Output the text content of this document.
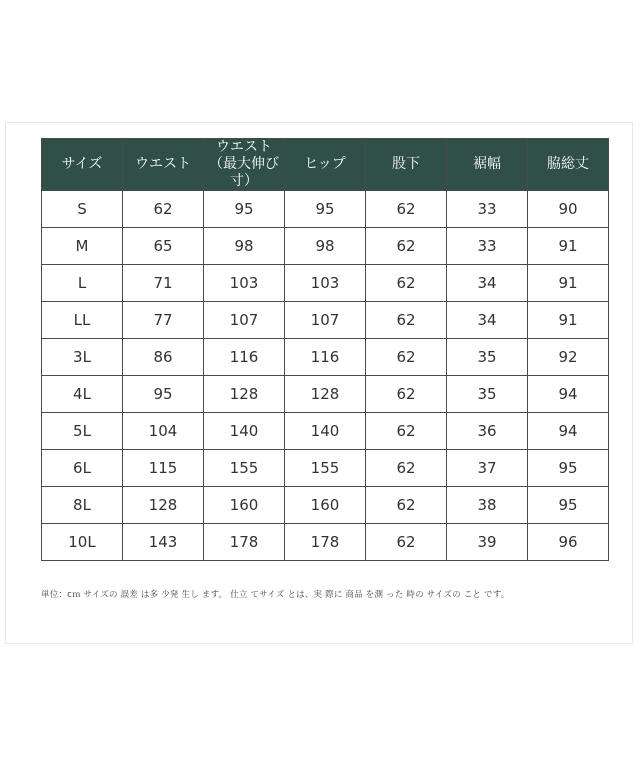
サイズ	ウエスト	ウエスト（最大伸び寸）	ヒップ	股下	裾幅	脇総丈
S	62	95	95	62	33	90
M	65	98	98	62	33	91
L	71	103	103	62	34	91
LL	77	107	107	62	34	91
3L	86	116	116	62	35	92
4L	95	128	128	62	35	94
5L	104	140	140	62	36	94
6L	115	155	155	62	37	95
8L	128	160	160	62	38	95
10L	143	178	178	62	39	96
単位：cｍ サイズの 誤差 は多 少発 生し ます。 仕立 てサイズ とは、実 際に 商品 を測 った 時の サイズの こと です。
